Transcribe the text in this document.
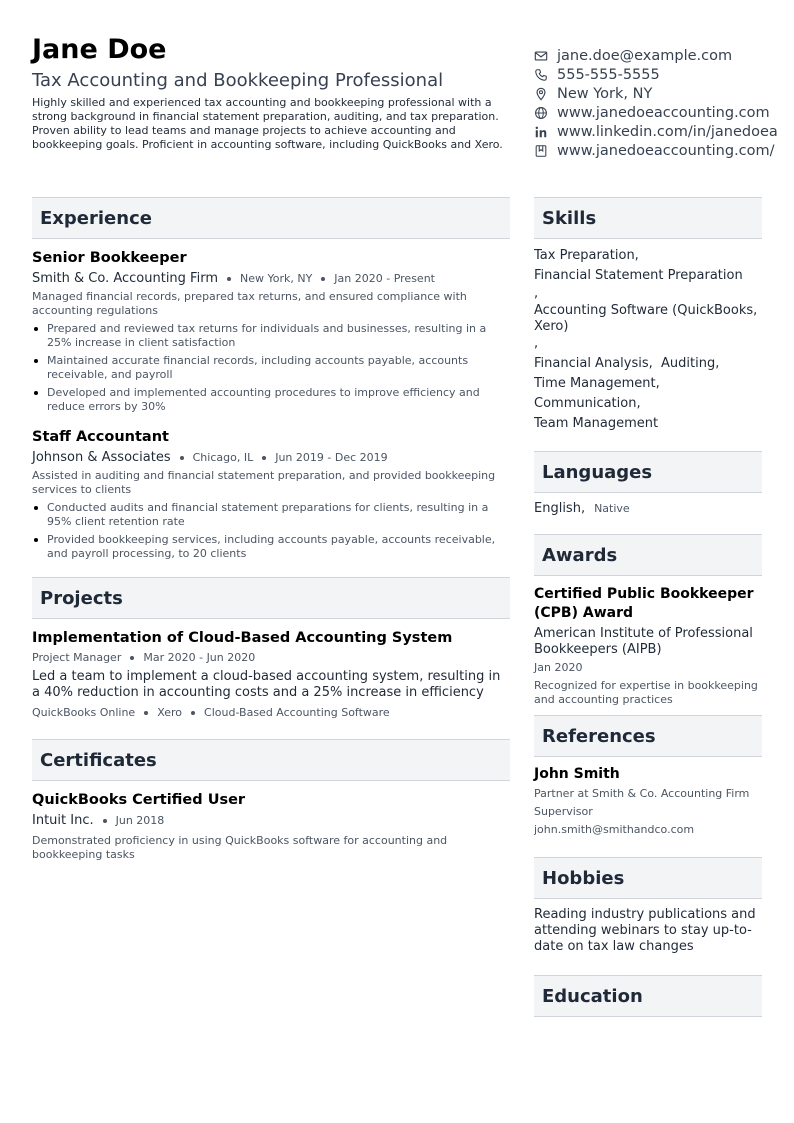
Jane Doe
Tax Accounting and Bookkeeping Professional
Highly skilled and experienced tax accounting and bookkeeping professional with a strong background in financial statement preparation, auditing, and tax preparation. Proven ability to lead teams and manage projects to achieve accounting and bookkeeping goals. Proficient in accounting software, including QuickBooks and Xero.
jane.doe@example.com
555-555-5555
New York, NY
www.janedoeaccounting.com
www.linkedin.com/in/janedoea
www.janedoeaccounting.com/
Experience
Senior Bookkeeper
Smith & Co. Accounting Firm New York, NY Jan 2020 - Present
Managed financial records, prepared tax returns, and ensured compliance with accounting regulations
Prepared and reviewed tax returns for individuals and businesses, resulting in a 25% increase in client satisfaction
Maintained accurate financial records, including accounts payable, accounts receivable, and payroll
Developed and implemented accounting procedures to improve efficiency and reduce errors by 30%
Staff Accountant
Johnson & Associates Chicago, IL Jun 2019 - Dec 2019
Assisted in auditing and financial statement preparation, and provided bookkeeping services to clients
Conducted audits and financial statement preparations for clients, resulting in a 95% client retention rate
Provided bookkeeping services, including accounts payable, accounts receivable, and payroll processing, to 20 clients
Projects
Implementation of Cloud-Based Accounting System
Project Manager Mar 2020 - Jun 2020
Led a team to implement a cloud-based accounting system, resulting in a 40% reduction in accounting costs and a 25% increase in efficiency
QuickBooks Online Xero Cloud-Based Accounting Software
Certificates
QuickBooks Certified User
Intuit Inc. Jun 2018
Demonstrated proficiency in using QuickBooks software for accounting and bookkeeping tasks
Skills
Tax Preparation,
Financial Statement Preparation
,
Accounting Software (QuickBooks, Xero)
,
Financial Analysis,  Auditing,
Time Management,
Communication,
Team Management
Languages
English, Native
Awards
Certified Public Bookkeeper (CPB) Award
American Institute of Professional Bookkeepers (AIPB)
Jan 2020
Recognized for expertise in bookkeeping and accounting practices
References
John Smith
Partner at Smith & Co. Accounting Firm
Supervisor
john.smith@smithandco.com
Hobbies
Reading industry publications and attending webinars to stay up-to-date on tax law changes
Education
